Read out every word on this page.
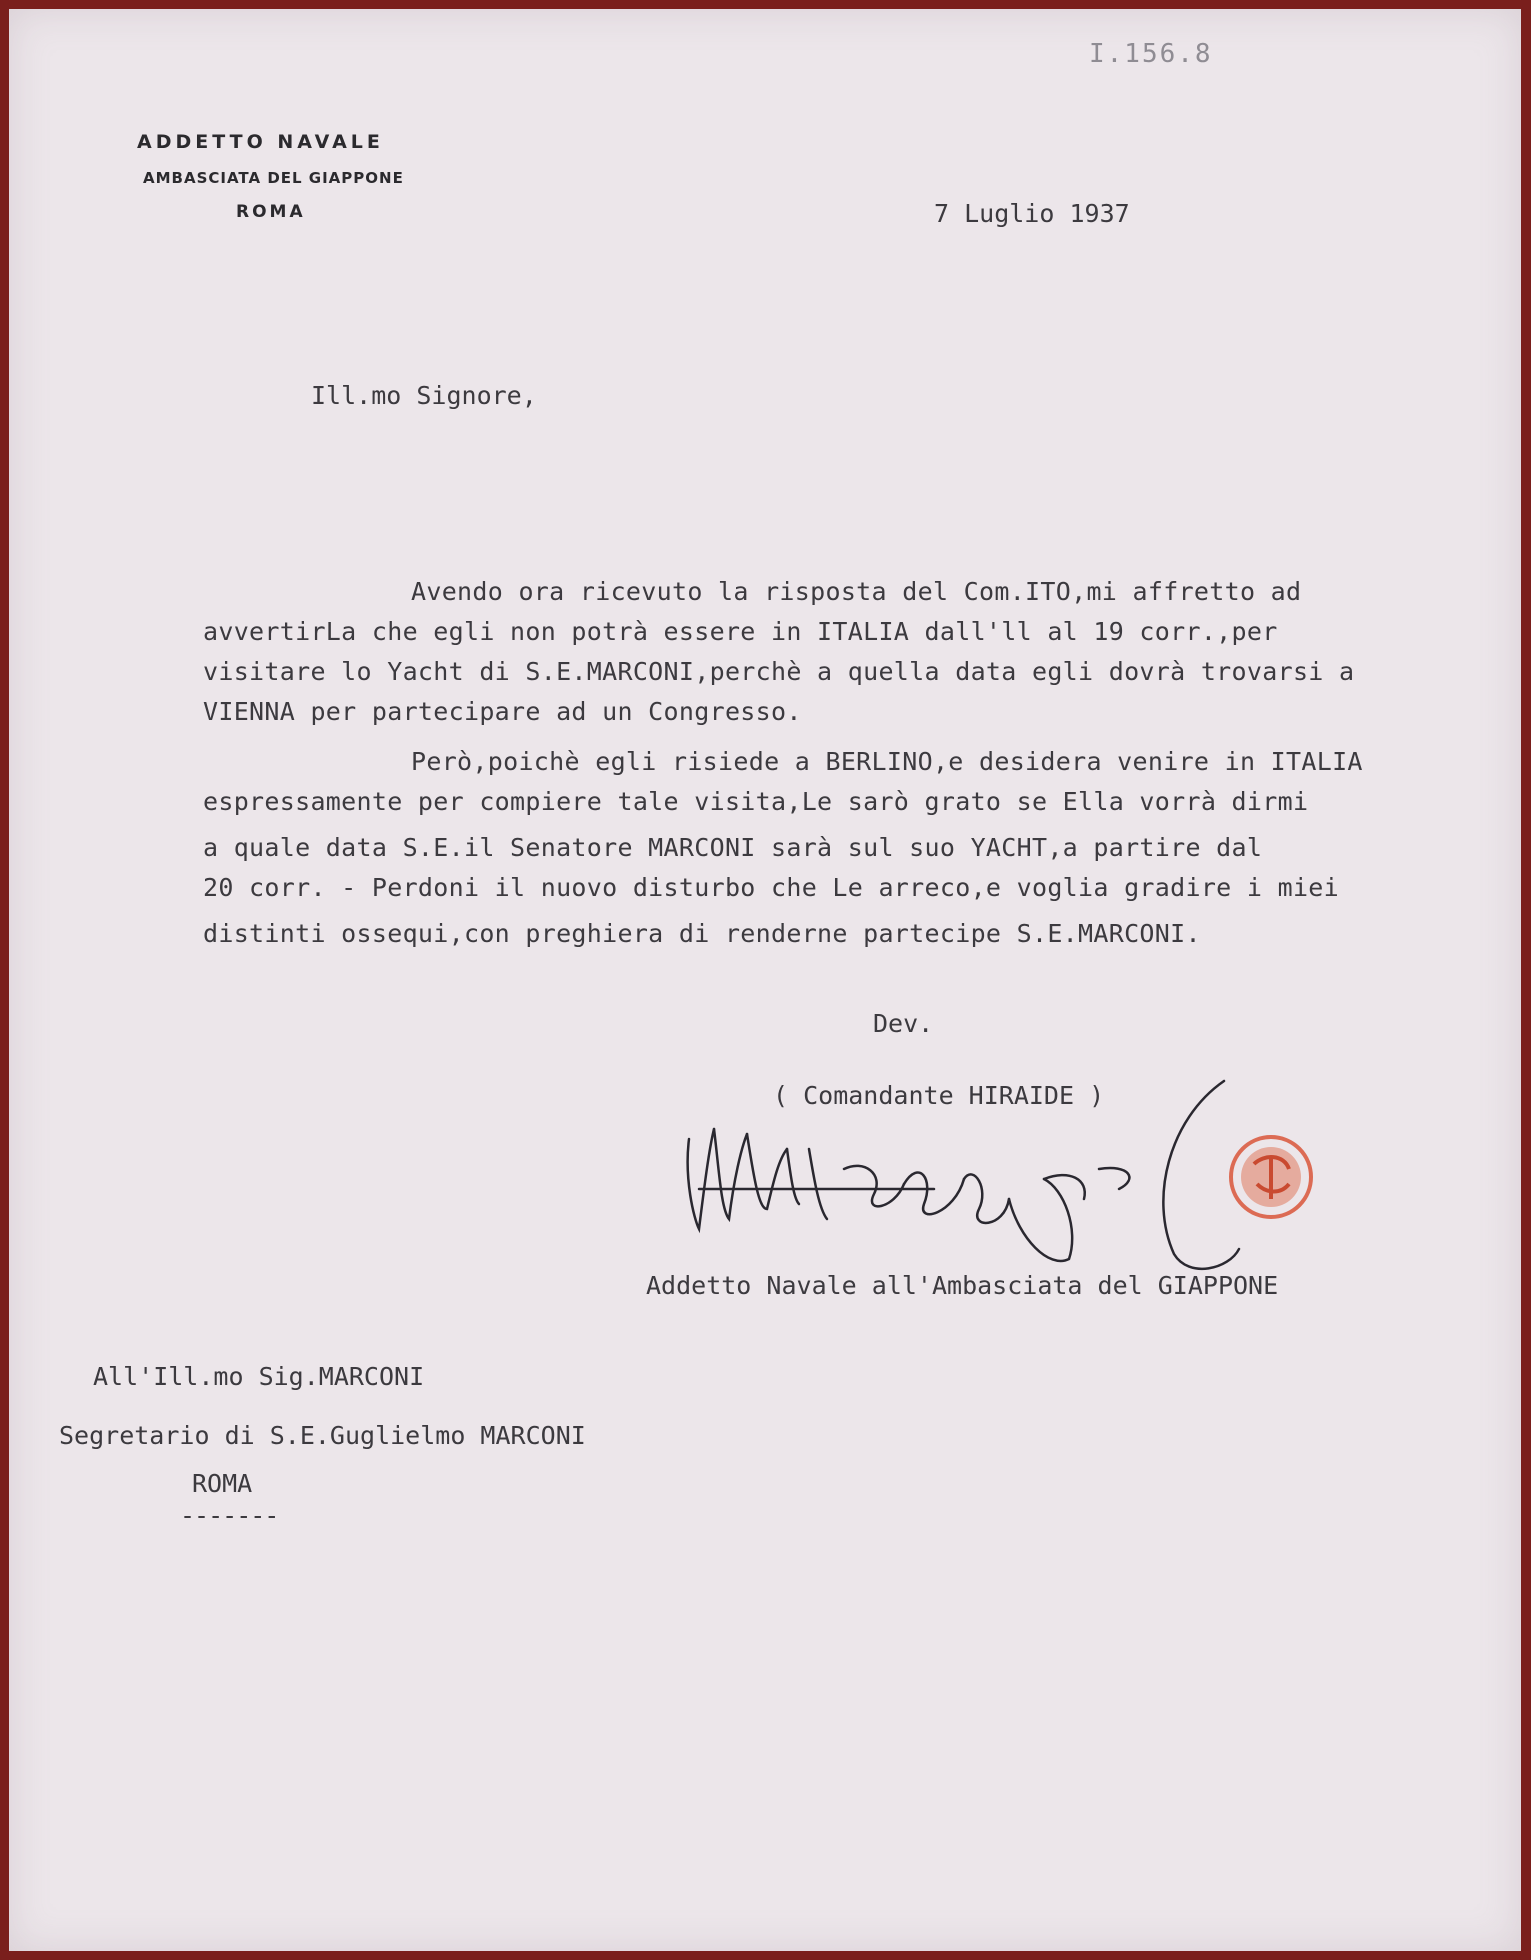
I.156.8
ADDETTO NAVALE
AMBASCIATA DEL GIAPPONE
ROMA	7 Luglio 1937
Ill.mo Signore,
Avendo ora ricevuto la risposta del Com.ITO,mi affretto ad
avvertirLa che egli non potrà essere in ITALIA dall'll al 19 corr.,per
visitare lo Yacht di S.E.MARCONI,perchè a quella data egli dovrà trovarsi a
VIENNA per partecipare ad un Congresso.
Però,poichè egli risiede a BERLINO,e desidera venire in ITALIA
espressamente per compiere tale visita,Le sarò grato se Ella vorrà dirmi
a quale data S.E.il Senatore MARCONI sarà sul suo YACHT,a partire dal
20 corr. - Perdoni il nuovo disturbo che Le arreco,e voglia gradire i miei
distinti ossequi,con preghiera di renderne partecipe S.E.MARCONI.
Dev.
( Comandante HIRAIDE )
Addetto Navale all'Ambasciata del GIAPPONE
All'Ill.mo Sig.MARCONI
Segretario di S.E.Guglielmo MARCONI
ROMA
-------
